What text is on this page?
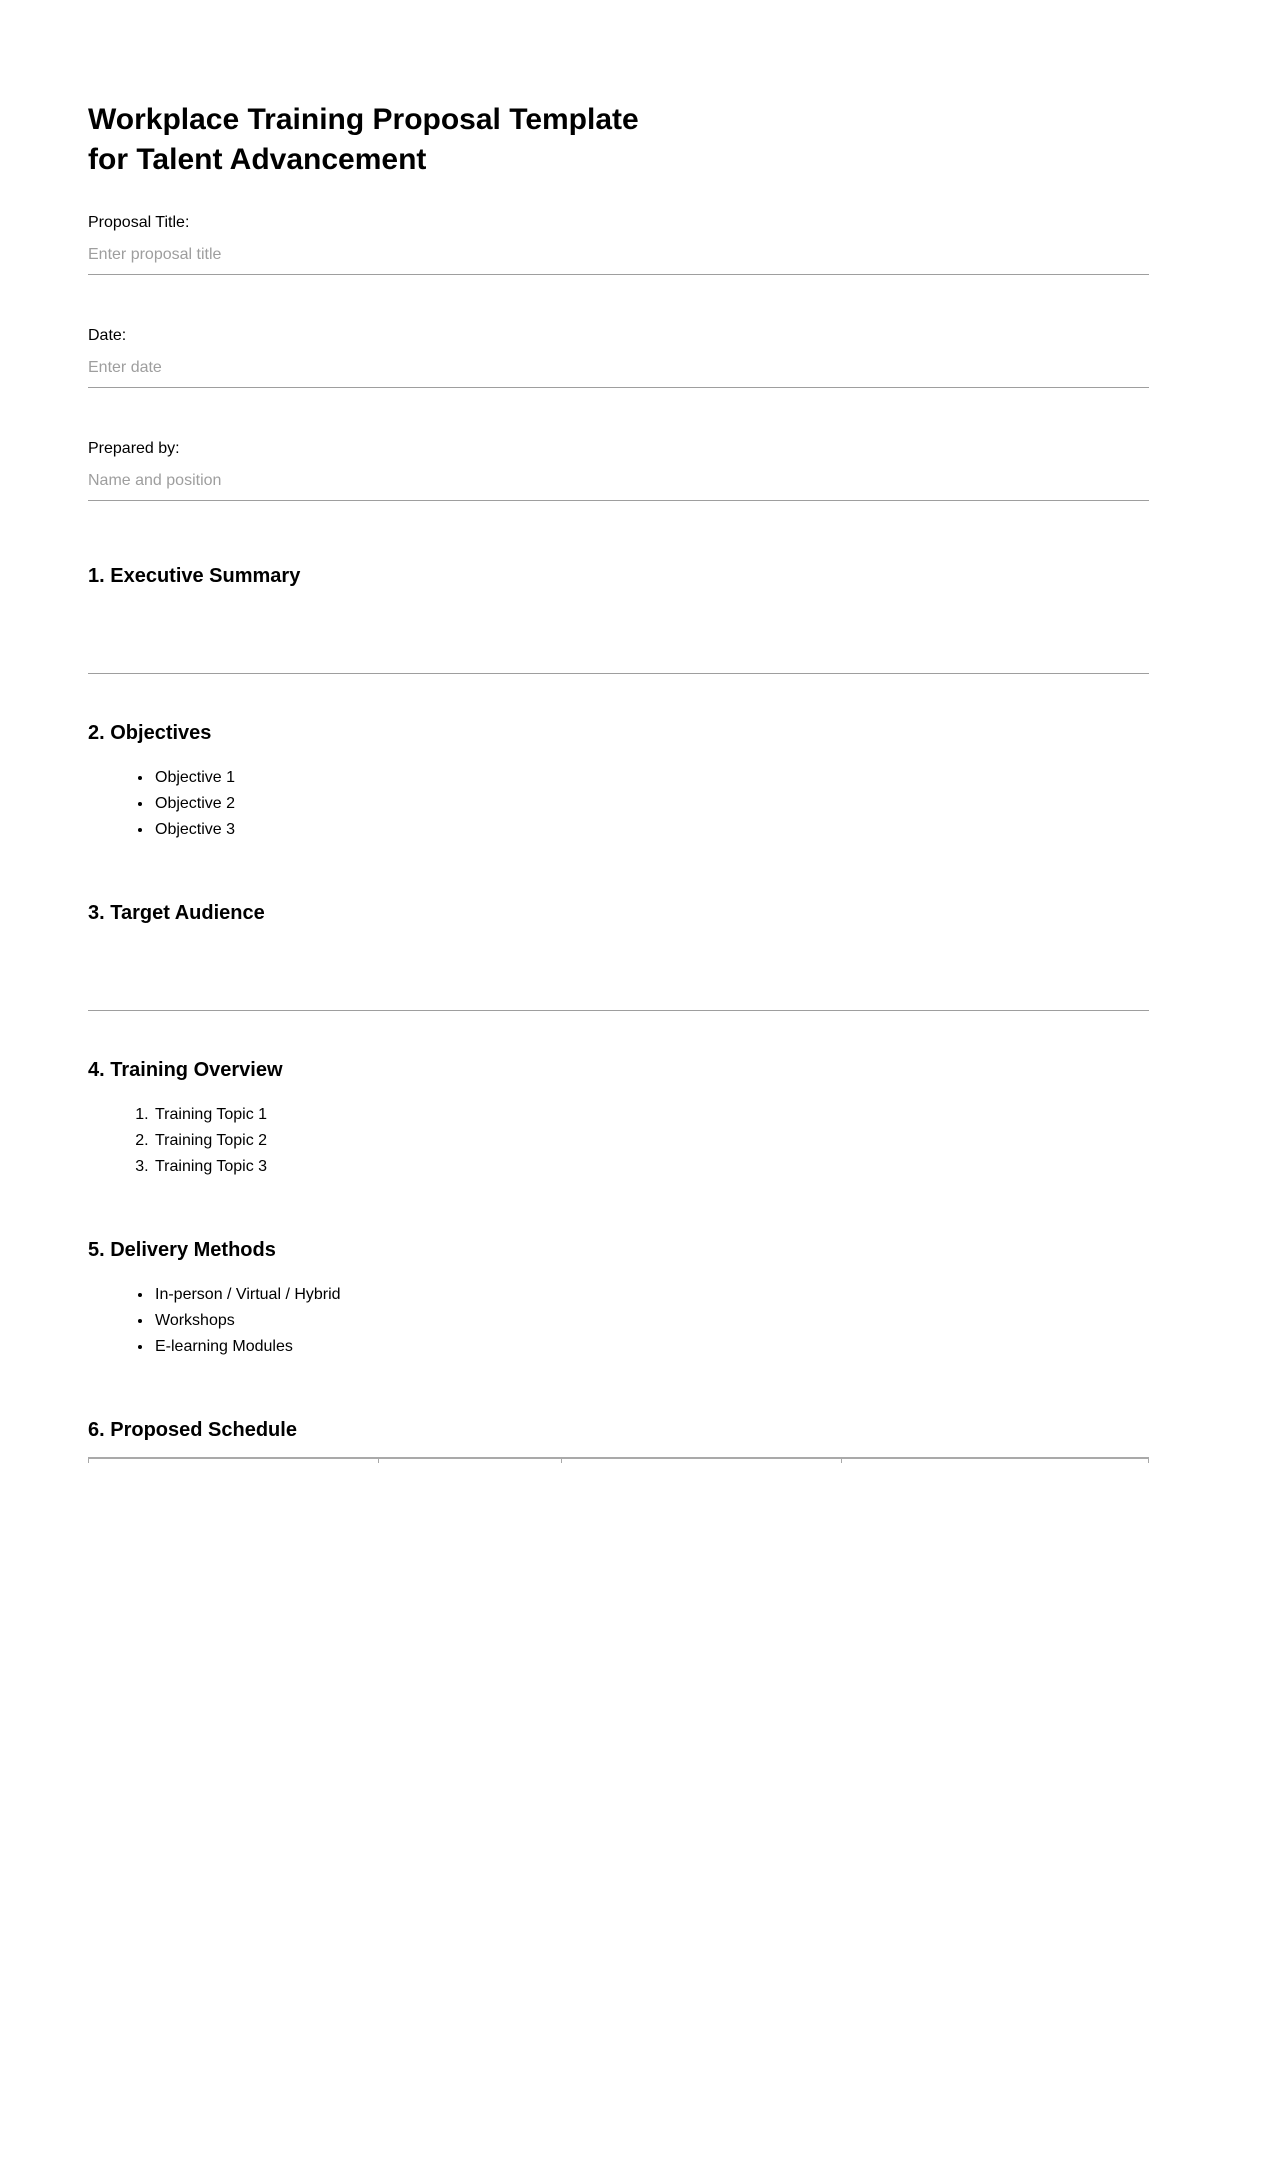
Workplace Training Proposal Template
for Talent Advancement
Proposal Title:
Enter proposal title
Date:
Enter date
Prepared by:
Name and position
1. Executive Summary
2. Objectives
• Objective 1
• Objective 2
• Objective 3
3. Target Audience
4. Training Overview
1. Training Topic 1
2. Training Topic 2
3. Training Topic 3
5. Delivery Methods
• In-person / Virtual / Hybrid
• Workshops
• E-learning Modules
6. Proposed Schedule
